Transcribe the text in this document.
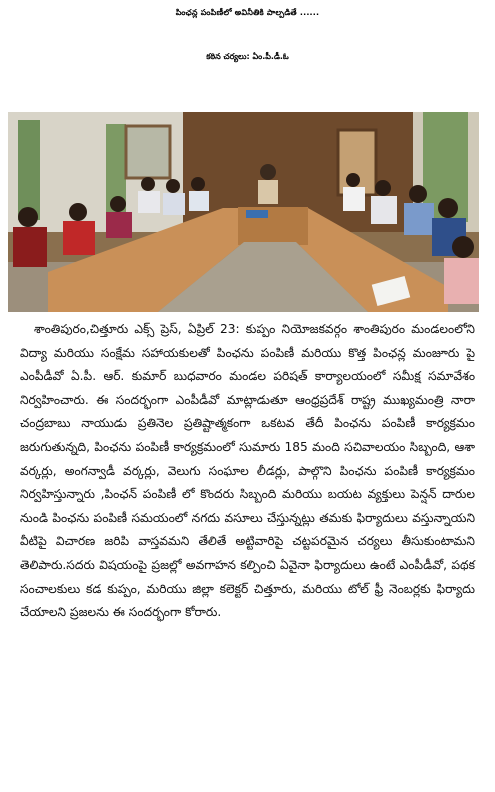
పింఛన్ల పంపిణీలో అవినీతికి పాల్పడితే ......
కఠిన చర్యలు: ఏం.పీ.డీ.ఓ

శాంతిపురం,చిత్తూరు ఎక్స్ ప్రెస్, ఏప్రిల్ 23: కుప్పం నియోజకవర్గం శాంతిపురం మండలంలోని విద్యా మరియు సంక్షేమ సహాయకులతో పింఛను పంపిణీ మరియు కొత్త పింఛన్ల మంజూరు పై ఎంపీడీవో ఏ.పీ. ఆర్. కుమార్ బుధవారం మండల పరిషత్ కార్యాలయంలో సమీక్ష సమావేశం నిర్వహించారు. ఈ సందర్భంగా ఎంపీడీవో మాట్లాడుతూ ఆంధ్రప్రదేశ్ రాష్ట్ర ముఖ్యమంత్రి నారా చంద్రబాబు నాయుడు ప్రతినెల ప్రతిష్టాత్మకంగా ఒకటవ తేదీ పింఛను పంపిణీ కార్యక్రమం జరుగుతున్నది, పింఛను పంపిణీ కార్యక్రమంలో సుమారు 185 మంది సచివాలయం సిబ్బంది, ఆశా వర్కర్లు, అంగన్వాడీ వర్కర్లు, వెలుగు సంఘాల లీడర్లు, పాల్గొని పింఛను పంపిణీ కార్యక్రమం నిర్వహిస్తున్నారు ,పింఛన్ పంపిణీ లో కొందరు సిబ్బంది మరియు బయట వ్యక్తులు పెన్షన్ దారుల నుండి పింఛను పంపిణీ సమయంలో నగదు వసూలు చేస్తున్నట్లు తమకు ఫిర్యాదులు వస్తున్నాయని వీటిపై విచారణ జరిపి వాస్తవమని తేలితే అట్టివారిపై చట్టపరమైన చర్యలు తీసుకుంటామని తెలిపారు.సదరు విషయంపై ప్రజల్లో అవగాహన కల్పించి ఏవైనా ఫిర్యాదులు ఉంటే ఎంపీడీవో, పథక సంచాలకులు కడ కుప్పం, మరియు జిల్లా కలెక్టర్ చిత్తూరు, మరియు టోల్ ఫ్రీ నెంబర్లకు ఫిర్యాదు చేయాలని ప్రజలను ఈ సందర్భంగా కోరారు.
